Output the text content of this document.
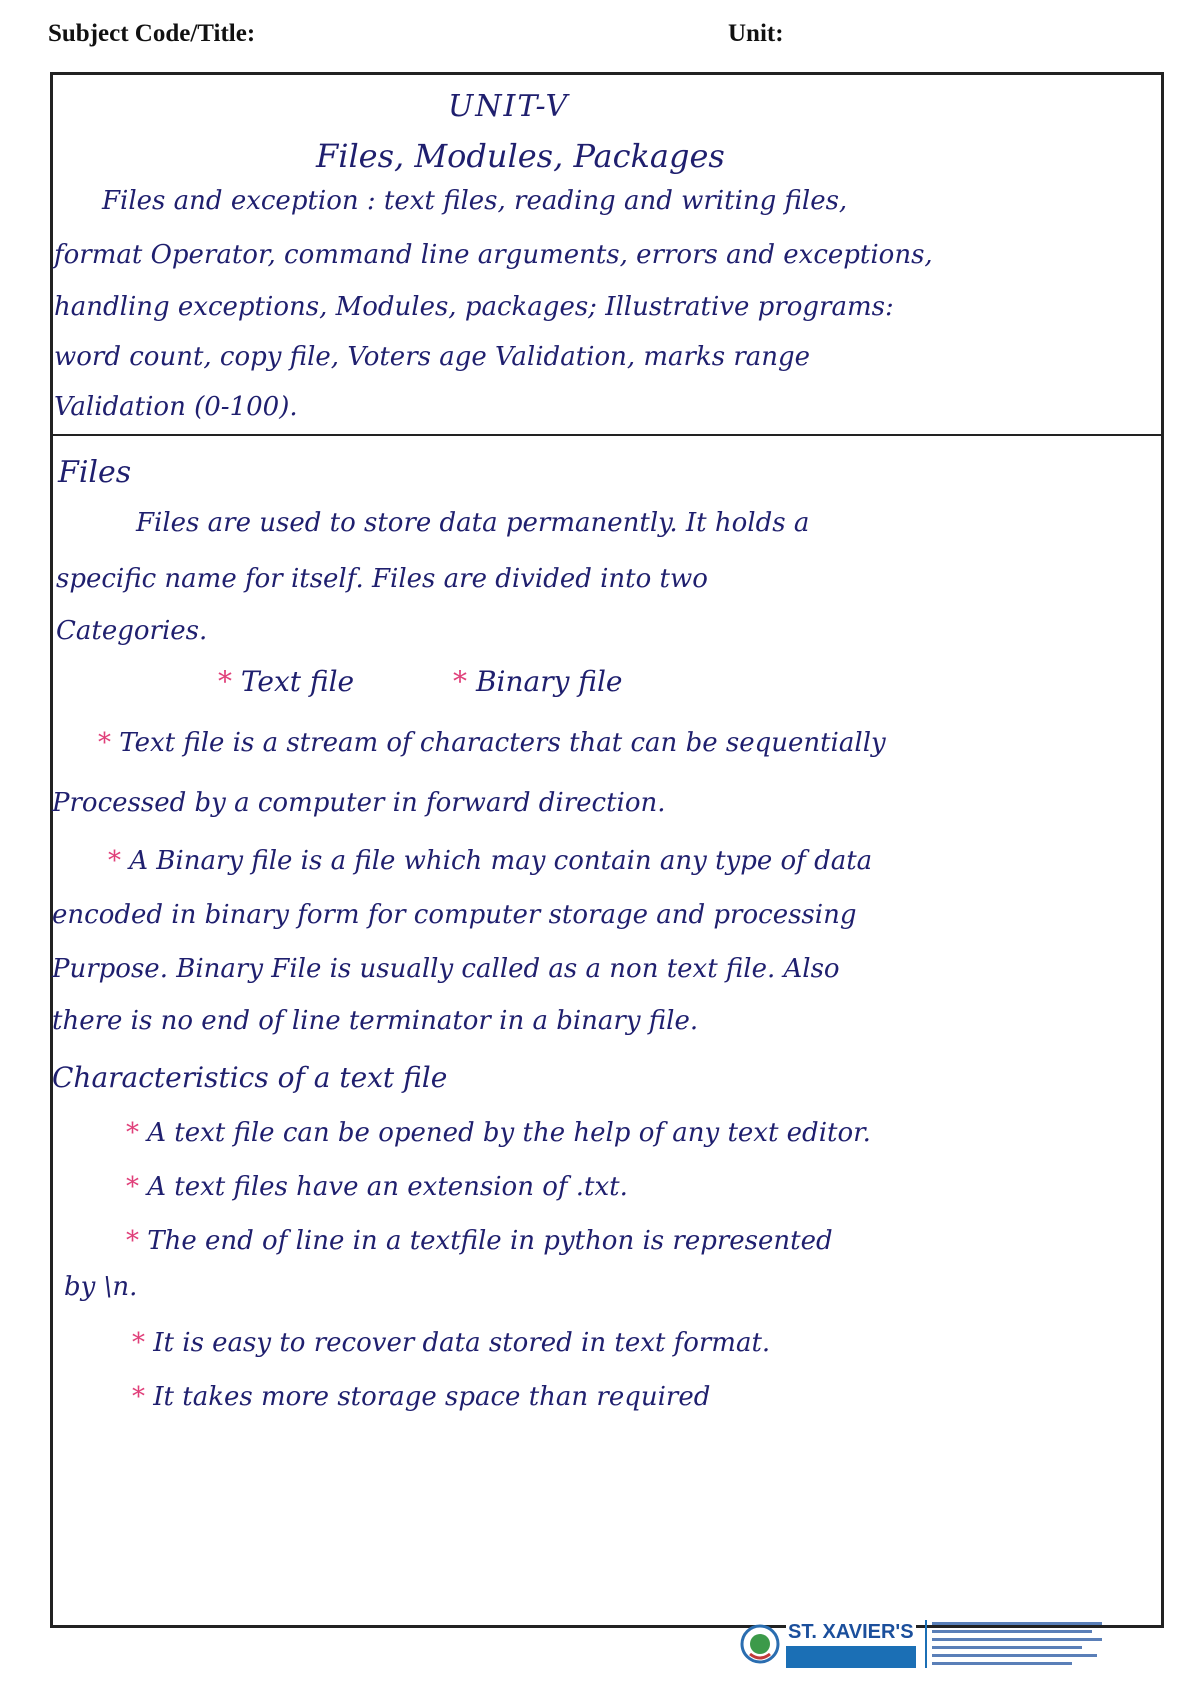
Subject Code/Title:	Unit:
UNIT-V
Files, Modules, Packages
Files and exception : text files, reading and writing files,
format Operator, command line arguments, errors and exceptions,
handling exceptions, Modules, packages; Illustrative programs:
word count, copy file, Voters age Validation, marks range
Validation (0-100).
Files
Files are used to store data permanently. It holds a
specific name for itself. Files are divided into two
Categories.
* Text file	* Binary file
* Text file is a stream of characters that can be sequentially
Processed by a computer in forward direction.
* A Binary file is a file which may contain any type of data
encoded in binary form for computer storage and processing
Purpose. Binary File is usually called as a non text file. Also
there is no end of line terminator in a binary file.
Characteristics of a text file
* A text file can be opened by the help of any text editor.
* A text files have an extension of .txt.
* The end of line in a textfile in python is represented
by \n.
* It is easy to recover data stored in text format.
* It takes more storage space than required
ST. XAVIER'S
